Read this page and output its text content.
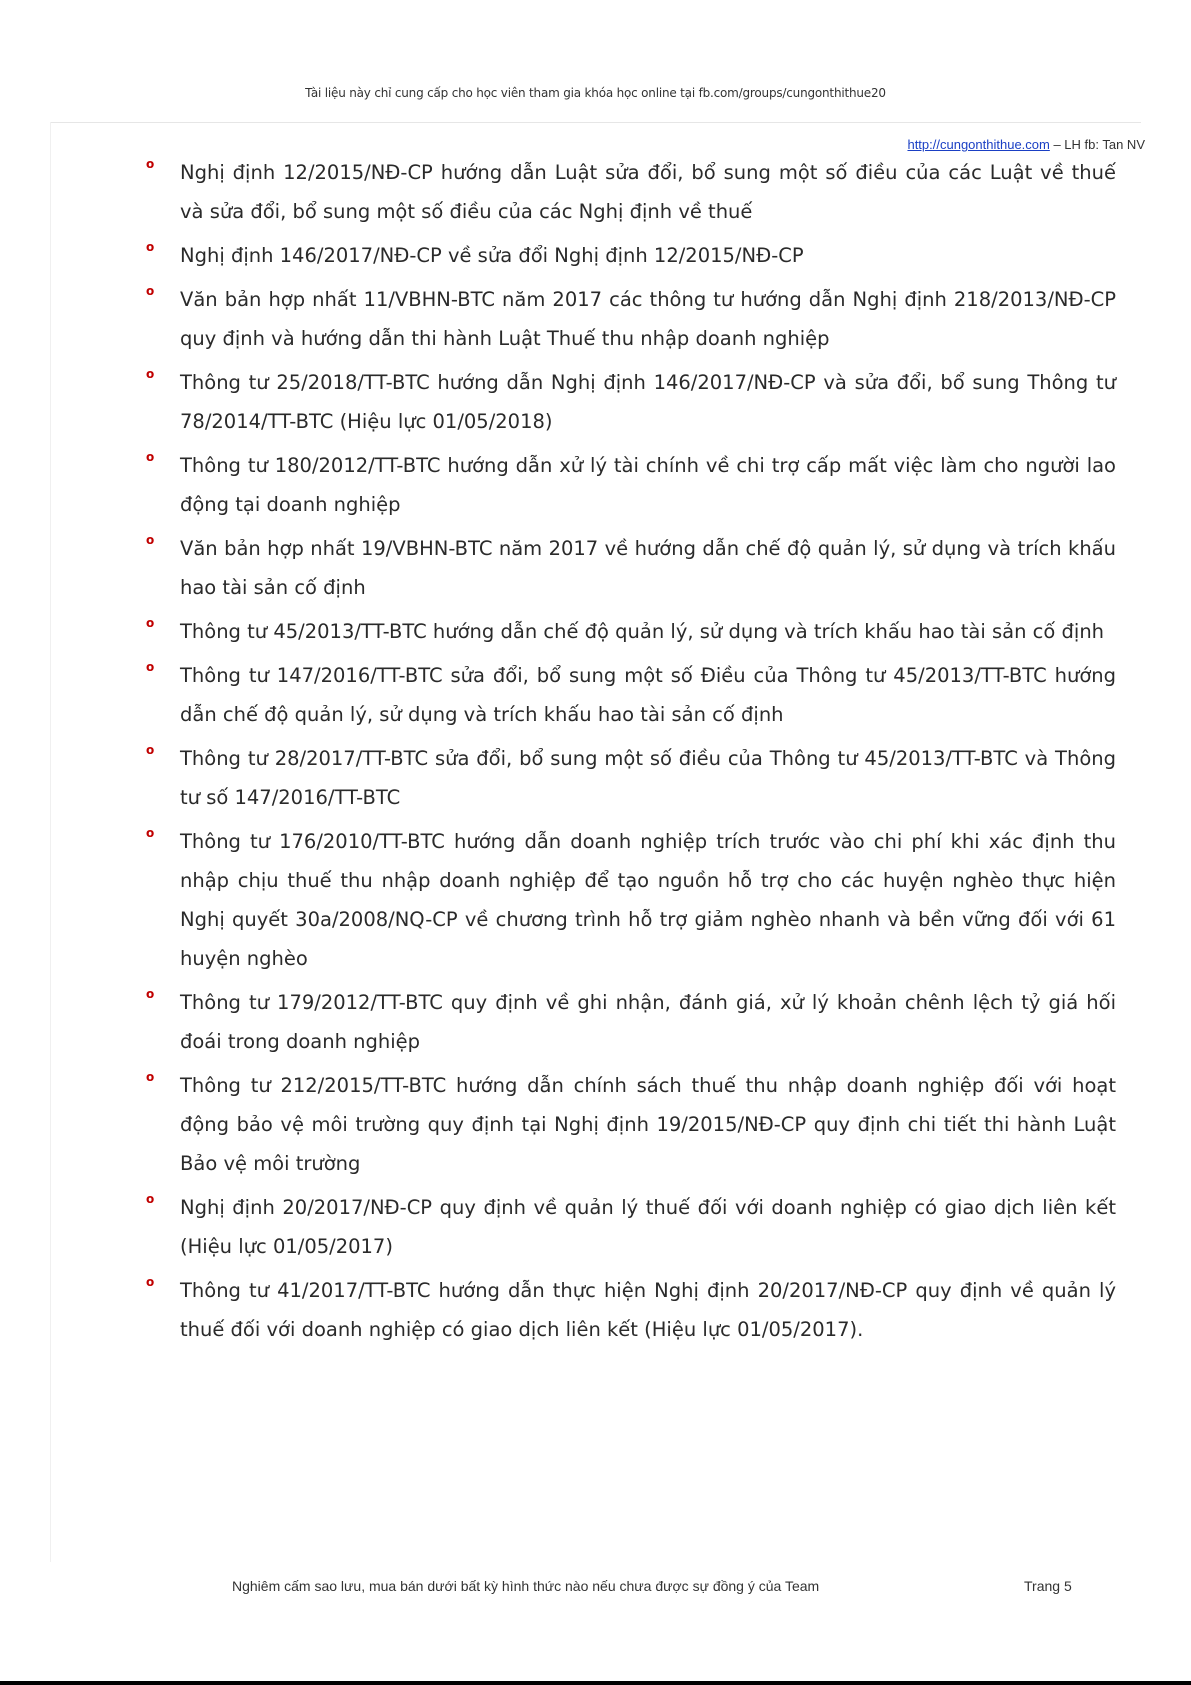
Tài liệu này chỉ cung cấp cho học viên tham gia khóa học online tại fb.com/groups/cungonthithue20
http://cungonthithue.com – LH fb: Tan NV
o Nghị định 12/2015/NĐ-CP hướng dẫn Luật sửa đổi, bổ sung một số điều của các Luật về thuế và sửa đổi, bổ sung một số điều của các Nghị định về thuế
o Nghị định 146/2017/NĐ-CP về sửa đổi Nghị định 12/2015/NĐ-CP
o Văn bản hợp nhất 11/VBHN-BTC năm 2017 các thông tư hướng dẫn Nghị định 218/2013/NĐ-CP quy định và hướng dẫn thi hành Luật Thuế thu nhập doanh nghiệp
o Thông tư 25/2018/TT-BTC hướng dẫn Nghị định 146/2017/NĐ-CP và sửa đổi, bổ sung Thông tư 78/2014/TT-BTC (Hiệu lực 01/05/2018)
o Thông tư 180/2012/TT-BTC hướng dẫn xử lý tài chính về chi trợ cấp mất việc làm cho người lao động tại doanh nghiệp
o Văn bản hợp nhất 19/VBHN-BTC năm 2017 về hướng dẫn chế độ quản lý, sử dụng và trích khấu hao tài sản cố định
o Thông tư 45/2013/TT-BTC hướng dẫn chế độ quản lý, sử dụng và trích khấu hao tài sản cố định
o Thông tư 147/2016/TT-BTC sửa đổi, bổ sung một số Điều của Thông tư 45/2013/TT-BTC hướng dẫn chế độ quản lý, sử dụng và trích khấu hao tài sản cố định
o Thông tư 28/2017/TT-BTC sửa đổi, bổ sung một số điều của Thông tư 45/2013/TT-BTC và Thông tư số 147/2016/TT-BTC
o Thông tư 176/2010/TT-BTC hướng dẫn doanh nghiệp trích trước vào chi phí khi xác định thu nhập chịu thuế thu nhập doanh nghiệp để tạo nguồn hỗ trợ cho các huyện nghèo thực hiện Nghị quyết 30a/2008/NQ-CP về chương trình hỗ trợ giảm nghèo nhanh và bền vững đối với 61 huyện nghèo
o Thông tư 179/2012/TT-BTC quy định về ghi nhận, đánh giá, xử lý khoản chênh lệch tỷ giá hối đoái trong doanh nghiệp
o Thông tư 212/2015/TT-BTC hướng dẫn chính sách thuế thu nhập doanh nghiệp đối với hoạt động bảo vệ môi trường quy định tại Nghị định 19/2015/NĐ-CP quy định chi tiết thi hành Luật Bảo vệ môi trường
o Nghị định 20/2017/NĐ-CP quy định về quản lý thuế đối với doanh nghiệp có giao dịch liên kết (Hiệu lực 01/05/2017)
o Thông tư 41/2017/TT-BTC hướng dẫn thực hiện Nghị định 20/2017/NĐ-CP quy định về quản lý thuế đối với doanh nghiệp có giao dịch liên kết (Hiệu lực 01/05/2017).
Nghiêm cấm sao lưu, mua bán dưới bất kỳ hình thức nào nếu chưa được sự đồng ý của Team	Trang 5
